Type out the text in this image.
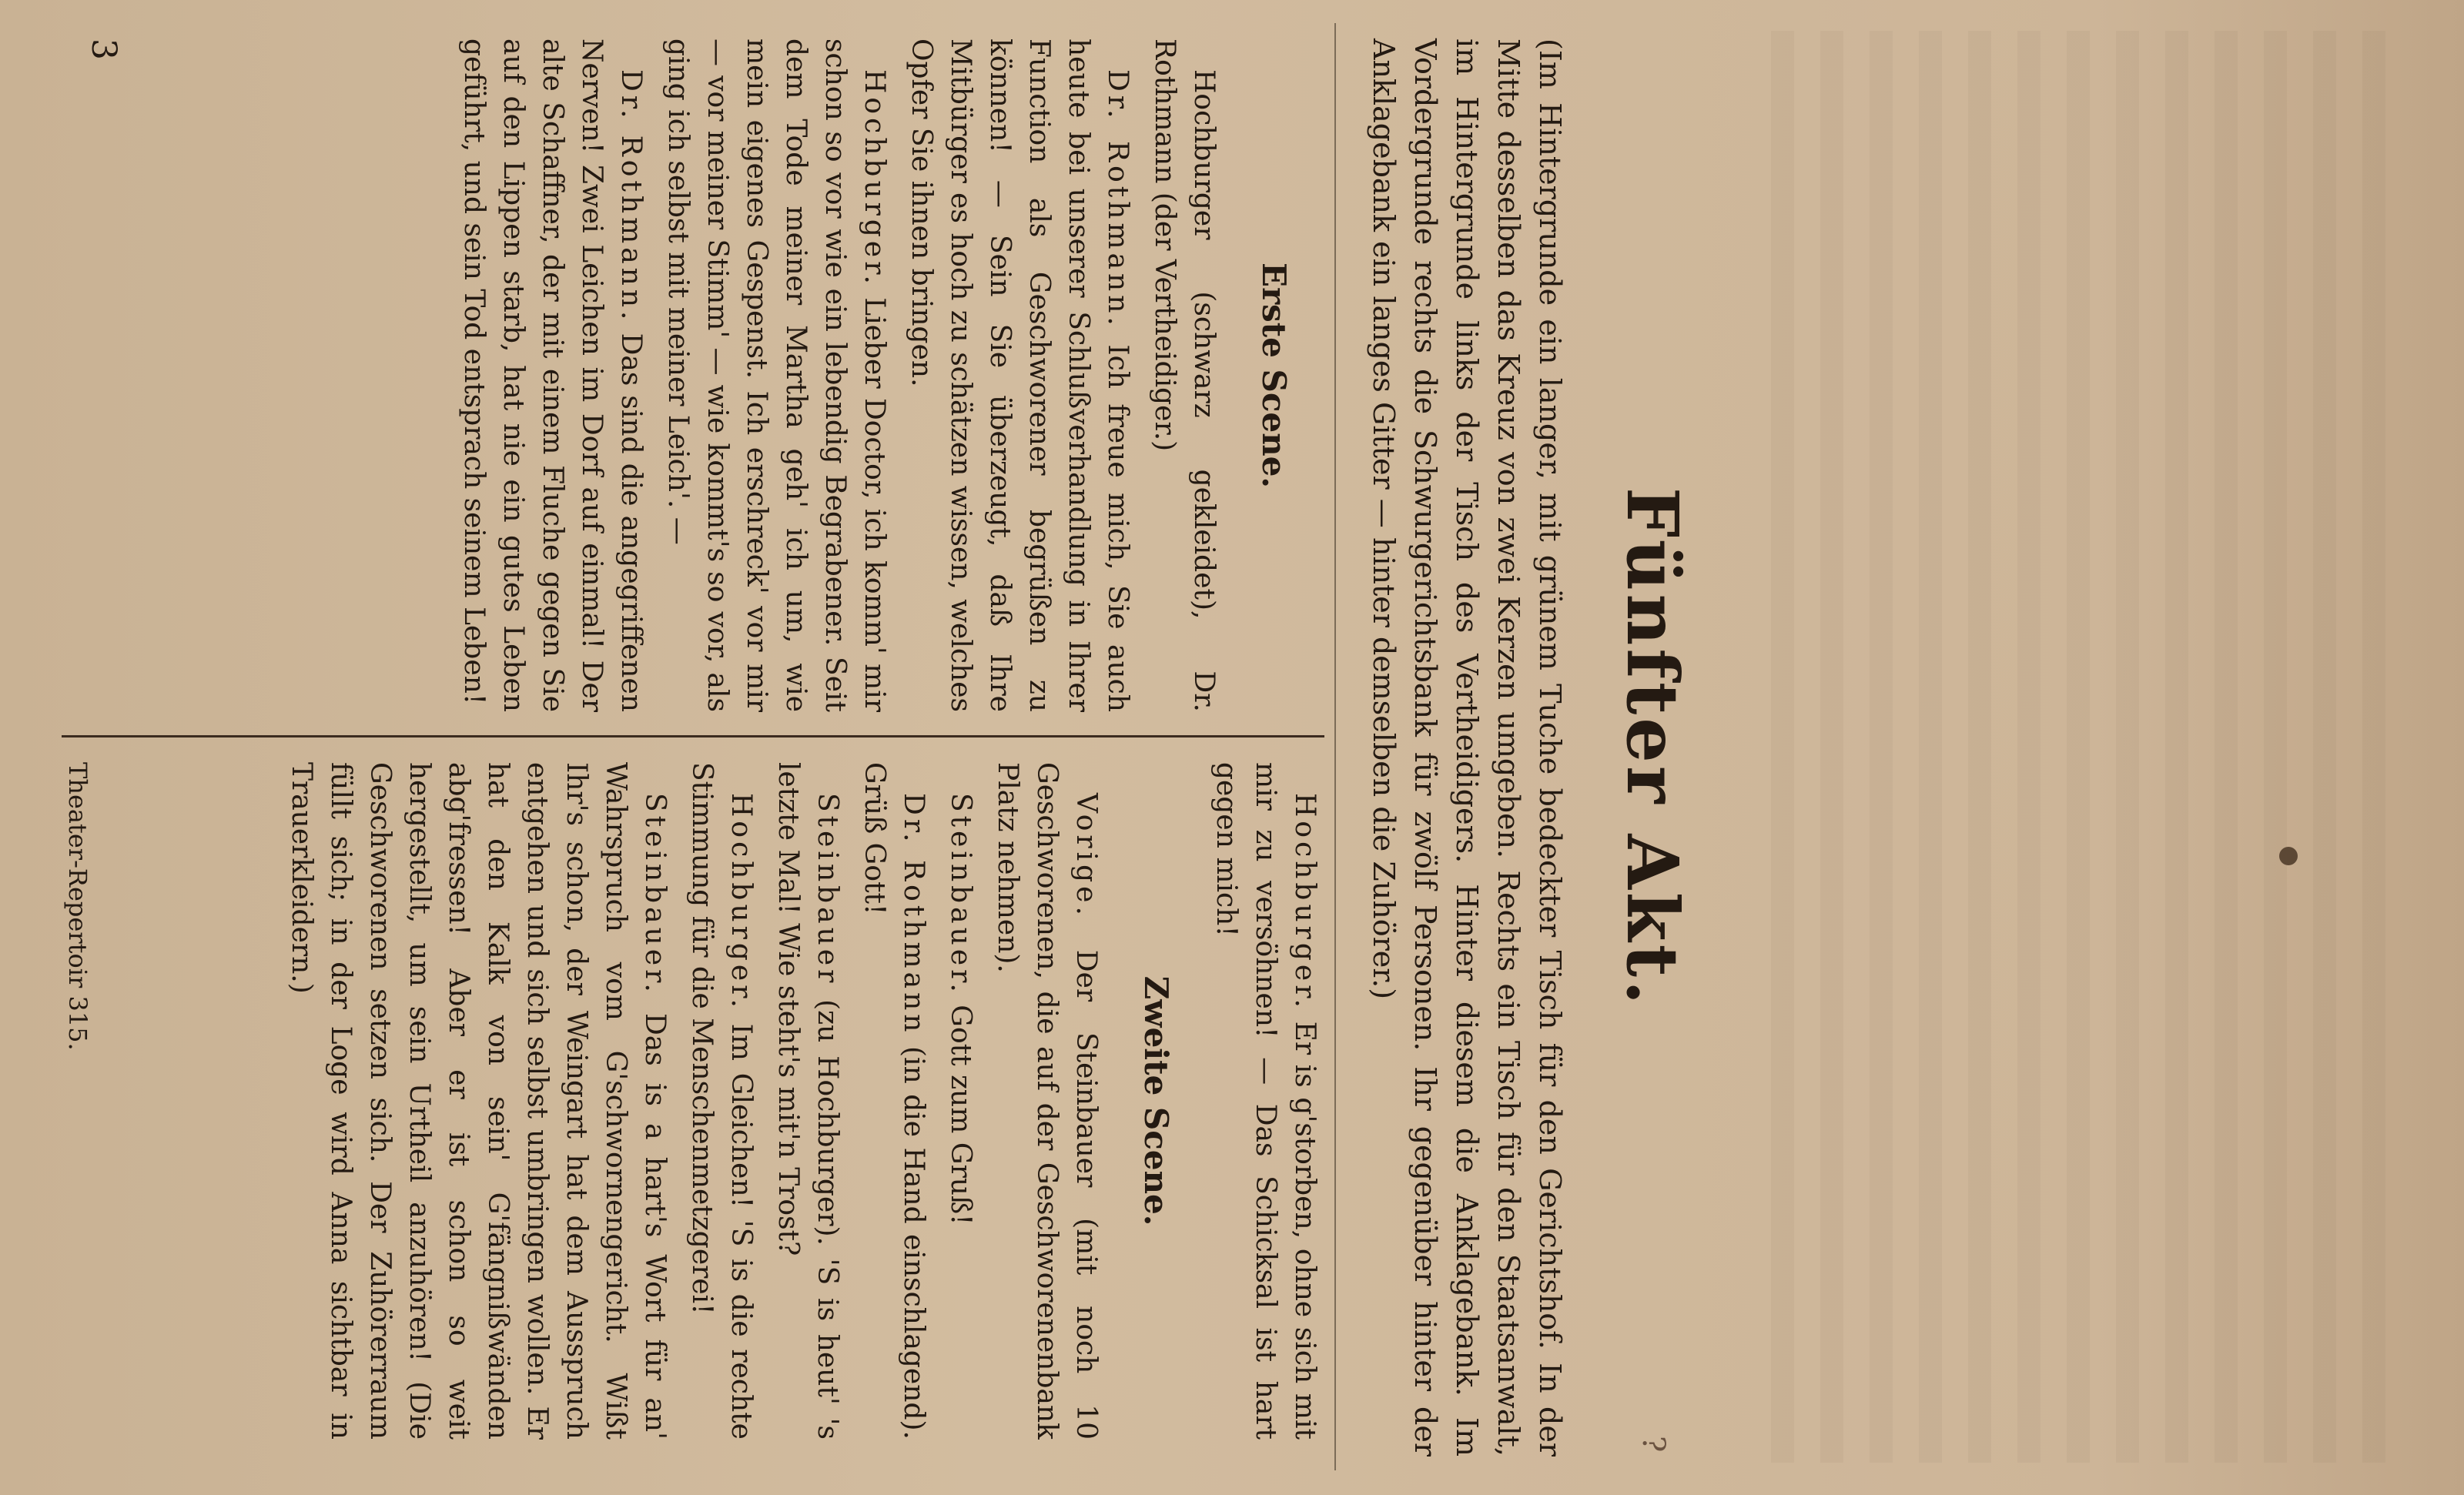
Fünfter Akt.

(Im Hintergrunde ein langer, mit grünem Tuche bedeckter Tisch für den Gerichtshof. In der Mitte desselben das Kreuz von zwei Kerzen umgeben. Rechts ein Tisch für den Staatsanwalt, im Hintergrunde links der Tisch des Vertheidigers. Hinter diesem die Anklagebank. Im Vordergrunde rechts die Schwurgerichtsbank für zwölf Personen. Ihr gegenüber hinter der Anklagebank ein langes Gitter — hinter demselben die Zuhörer.)

?

Erste Scene.

Hochburger (schwarz gekleidet), Dr. Rothmann (der Vertheidiger.)

Dr. Rothmann. Ich freue mich, Sie auch heute bei unserer Schlußverhandlung in Ihrer Function als Geschworener begrüßen zu können! — Sein Sie überzeugt, daß Ihre Mitbürger es hoch zu schätzen wissen, welches Opfer Sie ihnen bringen.

Hochburger. Lieber Doctor, ich komm' mir schon so vor wie ein lebendig Begrabener. Seit dem Tode meiner Martha geh' ich um, wie mein eigenes Gespenst. Ich erschreck' vor mir — vor meiner Stimm' — wie kommt's so vor, als ging ich selbst mit meiner Leich'. —

Dr. Rothmann. Das sind die angegriffenen Nerven! Zwei Leichen im Dorf auf einmal! Der alte Schaffner, der mit einem Fluche gegen Sie auf den Lippen starb, hat nie ein gutes Leben geführt, und sein Tod entsprach seinem Leben!

Hochburger. Er is g'storben, ohne sich mit mir zu versöhnen! — Das Schicksal ist hart gegen mich!

Zweite Scene.

Vorige. Der Steinbauer (mit noch 10 Geschworenen, die auf der Geschworenenbank Platz nehmen).

Steinbauer. Gott zum Gruß!

Dr. Rothmann (in die Hand einschlagend). Grüß Gott!

Steinbauer (zu Hochburger). 'S is heut' 's letzte Mal! Wie steht's mit'n Trost?

Hochburger. Im Gleichen! 'S is die rechte Stimmung für die Menschenmetzgerei!

Steinbauer. Das is a hart's Wort für an' Wahrspruch vom G'schwornengericht. Wißt Ihr's schon, der Weingart hat dem Ausspruch entgehen und sich selbst umbringen wollen. Er hat den Kalk von sein' G'fängnißwänden abg'fressen! Aber er ist schon so weit hergestellt, um sein Urtheil anzuhören! (Die Geschworenen setzen sich. Der Zuhörerraum füllt sich; in der Loge wird Anna sichtbar in Trauerkleidern.)

Theater-Repertoir 315.
3
